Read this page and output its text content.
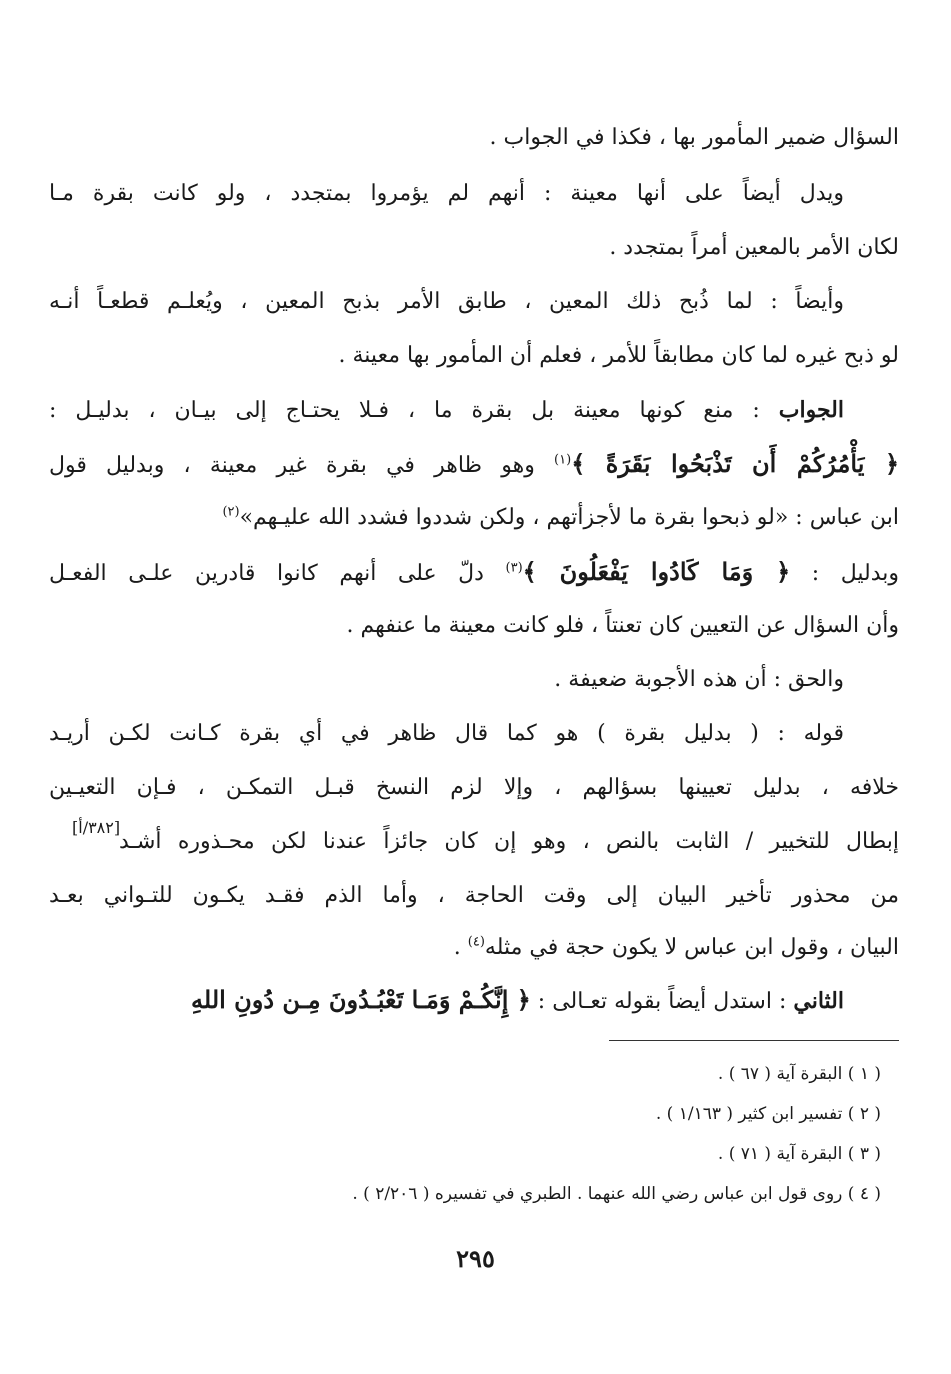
السؤال ضمير المأمور بها ، فكذا في الجواب .
ويدل أيضاً على أنها معينة : أنهم لم يؤمروا بمتجدد ، ولو كانت بقرة مـا
لكان الأمر بالمعين أمراً بمتجدد .
وأيضاً : لما ذُبح ذلك المعين ، طابق الأمر بذبح المعين ، ويُعلـم قطعـاً أنـه
لو ذبح غيره لما كان مطابقاً للأمر ، فعلم أن المأمور بها معينة .
الجواب : منع كونها معينة بل بقرة ما ، فـلا يحتـاج إلى بيـان ، بدليـل :
﴿ يَأْمُرُكُمْ أَن تَذْبَحُوا بَقَرَةً ﴾$^{(١)}$ وهو ظاهر في بقرة غير معينة ، وبدليل قول
ابن عباس : «لو ذبحوا بقرة ما لأجزأتهم ، ولكن شددوا فشدد الله عليـهم»$^{(٢)}$
وبدليل : ﴿ وَمَا كَادُوا يَفْعَلُونَ ﴾$^{(٣)}$ دلّ على أنهم كانوا قادرين علـى الفعـل
وأن السؤال عن التعيين كان تعنتاً ، فلو كانت معينة ما عنفهم .
والحق : أن هذه الأجوبة ضعيفة .
قوله : ( بدليل بقرة ) هو كما قال ظاهر في أي بقرة كـانت لكـن أريـد
خلافه ، بدليل تعيينها بسؤالهم ، وإلا لزم النسخ قبـل التمكـن ، فـإن التعيـين
إبطال للتخيير / الثابت بالنص ، وهو إن كان جائزاً عندنا لكن محـذوره أشـد
[٣٨٢/أ]
من محذور تأخير البيان إلى وقت الحاجة ، وأما الذم فقـد يكـون للتـواني بعـد
البيان ، وقول ابن عباس لا يكون حجة في مثله$^{(٤)}$ .
الثاني : استدل أيضاً بقوله تعـالى : ﴿ إِنَّكُـمْ وَمَـا تَعْبُـدُونَ مِـن دُونِ اللهِ
( ١ ) البقرة آية ( ٦٧ ) .
( ٢ ) تفسير ابن كثير ( ١/١٦٣ ) .
( ٣ ) البقرة آية ( ٧١ ) .
( ٤ ) روى قول ابن عباس رضي الله عنهما . الطبري في تفسيره ( ٢/٢٠٦ ) .
٢٩٥
